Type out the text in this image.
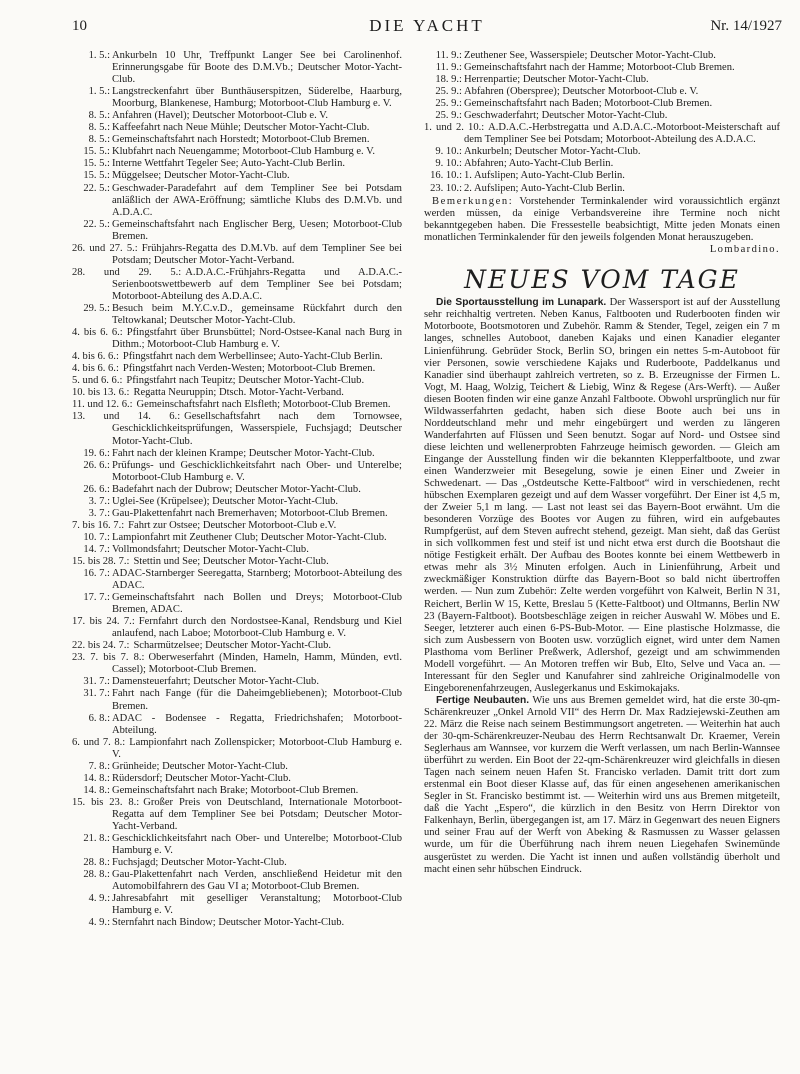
10	DIE YACHT	Nr. 14/1927
1. 5.: Ankurbeln 10 Uhr, Treffpunkt Langer See bei Carolinenhof. Erinnerungsgabe für Boote des D.M.Vb.; Deutscher Motor-Yacht-Club.
1. 5.: Langstreckenfahrt über Bunthäuserspitzen, Süderelbe, Haarburg, Moorburg, Blankenese, Hamburg; Motorboot-Club Hamburg e. V.
8. 5.: Anfahren (Havel); Deutscher Motorboot-Club e. V.
8. 5.: Kaffeefahrt nach Neue Mühle; Deutscher Motor-Yacht-Club.
8. 5.: Gemeinschaftsfahrt nach Horstedt; Motorboot-Club Bremen.
15. 5.: Klubfahrt nach Neuengamme; Motorboot-Club Hamburg e. V.
15. 5.: Interne Wettfahrt Tegeler See; Auto-Yacht-Club Berlin.
15. 5.: Müggelsee; Deutscher Motor-Yacht-Club.
22. 5.: Geschwader-Paradefahrt auf dem Templiner See bei Potsdam anläßlich der AWA-Eröffnung; sämtliche Klubs des D.M.Vb. und A.D.A.C.
22. 5.: Gemeinschaftsfahrt nach Englischer Berg, Uesen; Motorboot-Club Bremen.
26. und 27. 5.: Frühjahrs-Regatta des D.M.Vb. auf dem Templiner See bei Potsdam; Deutscher Motor-Yacht-Verband.
28. und 29. 5.: A.D.A.C.-Frühjahrs-Regatta und A.D.A.C.-Serienbootswettbewerb auf dem Templiner See bei Potsdam; Motorboot-Abteilung des A.D.A.C.
29. 5.: Besuch beim M.Y.C.v.D., gemeinsame Rückfahrt durch den Teltowkanal; Deutscher Motor-Yacht-Club.
4. bis 6. 6.: Pfingstfahrt über Brunsbüttel; Nord-Ostsee-Kanal nach Burg in Dithm.; Motorboot-Club Hamburg e. V.
4. bis 6. 6.: Pfingstfahrt nach dem Werbellinsee; Auto-Yacht-Club Berlin.
4. bis 6. 6.: Pfingstfahrt nach Verden-Westen; Motorboot-Club Bremen.
5. und 6. 6.: Pfingstfahrt nach Teupitz; Deutscher Motor-Yacht-Club.
10. bis 13. 6.: Regatta Neuruppin; Dtsch. Motor-Yacht-Verband.
11. und 12. 6.: Gemeinschaftsfahrt nach Elsfleth; Motorboot-Club Bremen.
13. und 14. 6.: Gesellschaftsfahrt nach dem Tornowsee, Geschicklichkeitsprüfungen, Wasserspiele, Fuchsjagd; Deutscher Motor-Yacht-Club.
19. 6.: Fahrt nach der kleinen Krampe; Deutscher Motor-Yacht-Club.
26. 6.: Prüfungs- und Geschicklichkeitsfahrt nach Ober- und Unterelbe; Motorboot-Club Hamburg e. V.
26. 6.: Badefahrt nach der Dubrow; Deutscher Motor-Yacht-Club.
3. 7.: Uglei-See (Krüpelsee); Deutscher Motor-Yacht-Club.
3. 7.: Gau-Plakettenfahrt nach Bremerhaven; Motorboot-Club Bremen.
7. bis 16. 7.: Fahrt zur Ostsee; Deutscher Motorboot-Club e.V.
10. 7.: Lampionfahrt mit Zeuthener Club; Deutscher Motor-Yacht-Club.
14. 7.: Vollmondsfahrt; Deutscher Motor-Yacht-Club.
15. bis 28. 7.: Stettin und See; Deutscher Motor-Yacht-Club.
16. 7.: ADAC-Starnberger Seeregatta, Starnberg; Motorboot-Abteilung des ADAC.
17. 7.: Gemeinschaftsfahrt nach Bollen und Dreys; Motorboot-Club Bremen, ADAC.
17. bis 24. 7.: Fernfahrt durch den Nordostsee-Kanal, Rendsburg und Kiel anlaufend, nach Laboe; Motorboot-Club Hamburg e. V.
22. bis 24. 7.: Scharmützelsee; Deutscher Motor-Yacht-Club.
23. 7. bis 7. 8.: Oberweserfahrt (Minden, Hameln, Hamm, Münden, evtl. Cassel); Motorboot-Club Bremen.
31. 7.: Damensteuerfahrt; Deutscher Motor-Yacht-Club.
31. 7.: Fahrt nach Fange (für die Daheimgebliebenen); Motorboot-Club Bremen.
6. 8.: ADAC - Bodensee - Regatta, Friedrichshafen; Motorboot-Abteilung.
6. und 7. 8.: Lampionfahrt nach Zollenspicker; Motorboot-Club Hamburg e. V.
7. 8.: Grünheide; Deutscher Motor-Yacht-Club.
14. 8.: Rüdersdorf; Deutscher Motor-Yacht-Club.
14. 8.: Gemeinschaftsfahrt nach Brake; Motorboot-Club Bremen.
15. bis 23. 8.: Großer Preis von Deutschland, Internationale Motorboot-Regatta auf dem Templiner See bei Potsdam; Deutscher Motor-Yacht-Verband.
21. 8.: Geschicklichkeitsfahrt nach Ober- und Unterelbe; Motorboot-Club Hamburg e. V.
28. 8.: Fuchsjagd; Deutscher Motor-Yacht-Club.
28. 8.: Gau-Plakettenfahrt nach Verden, anschließend Heidetur mit den Automobilfahrern des Gau VI a; Motorboot-Club Bremen.
4. 9.: Jahresabfahrt mit geselliger Veranstaltung; Motorboot-Club Hamburg e. V.
4. 9.: Sternfahrt nach Bindow; Deutscher Motor-Yacht-Club.
11. 9.: Zeuthener See, Wasserspiele; Deutscher Motor-Yacht-Club.
11. 9.: Gemeinschaftsfahrt nach der Hamme; Motorboot-Club Bremen.
18. 9.: Herrenpartie; Deutscher Motor-Yacht-Club.
25. 9.: Abfahren (Oberspree); Deutscher Motorboot-Club e. V.
25. 9.: Gemeinschaftsfahrt nach Baden; Motorboot-Club Bremen.
25. 9.: Geschwaderfahrt; Deutscher Motor-Yacht-Club.
1. und 2. 10.: A.D.A.C.-Herbstregatta und A.D.A.C.-Motorboot-Meisterschaft auf dem Templiner See bei Potsdam; Motorboot-Abteilung des A.D.A.C.
9. 10.: Ankurbeln; Deutscher Motor-Yacht-Club.
9. 10.: Abfahren; Auto-Yacht-Club Berlin.
16. 10.: 1. Aufslipen; Auto-Yacht-Club Berlin.
23. 10.: 2. Aufslipen; Auto-Yacht-Club Berlin.

Bemerkungen: Vorstehender Terminkalender wird voraussichtlich ergänzt werden müssen, da einige Verbandsvereine ihre Termine noch nicht bekanntgegeben haben. Die Fressestelle beabsichtigt, Mitte jeden Monats einen monatlichen Terminkalender für den jeweils folgenden Monat herauszugeben.
Lombardino.

NEUES VOM TAGE

Die Sportausstellung im Lunapark. Der Wassersport ist auf der Ausstellung sehr reichhaltig vertreten. Neben Kanus, Faltbooten und Ruderbooten finden wir Motorboote, Bootsmotoren und Zubehör. Ramm & Stender, Tegel, zeigen ein 7 m langes, schnelles Autoboot, daneben Kajaks und einen Kanadier eleganter Linienführung. Gebrüder Stock, Berlin SO, bringen ein nettes 5-m-Autoboot für vier Personen, sowie verschiedene Kajaks und Ruderboote, Paddelkanus und Kanadier sind überhaupt zahlreich vertreten, so z. B. Erzeugnisse der Firmen L. Vogt, M. Haag, Wolzig, Teichert & Liebig, Winz & Regese (Ars-Werft). — Außer diesen Booten finden wir eine ganze Anzahl Faltboote. Obwohl ursprünglich nur für Wildwasserfahrten gedacht, haben sich diese Boote auch bei uns in Norddeutschland mehr und mehr eingebürgert und werden zu längeren Wanderfahrten auf Flüssen und Seen benutzt. Sogar auf Nord- und Ostsee sind diese leichten und wellenerprobten Fahrzeuge heimisch geworden. — Gleich am Eingange der Ausstellung finden wir die bekannten Klepperfaltboote, und zwar einen Wanderzweier mit Besegelung, sowie je einen Einer und Zweier in Schwedenart. — Das „Ostdeutsche Kette-Faltboot“ wird in verschiedenen, recht hübschen Exemplaren gezeigt und auf dem Wasser vorgeführt. Der Einer ist 4,5 m, der Zweier 5,1 m lang. — Last not least sei das Bayern-Boot erwähnt. Um die besonderen Vorzüge des Bootes vor Augen zu führen, wird ein aufgebautes Rumpfgerüst, auf dem Steven aufrecht stehend, gezeigt. Man sieht, daß das Gerüst in sich vollkommen fest und steif ist und nicht etwa erst durch die Bootshaut die nötige Festigkeit erhält. Der Aufbau des Bootes konnte bei einem Wettbewerb in etwas mehr als 3½ Minuten erfolgen. Auch in Linienführung, Arbeit und zweckmäßiger Konstruktion dürfte das Bayern-Boot so bald nicht übertroffen werden. — Nun zum Zubehör: Zelte werden vorgeführt von Kalweit, Berlin N 31, Reichert, Berlin W 15, Kette, Breslau 5 (Kette-Faltboot) und Oltmanns, Berlin NW 23 (Bayern-Faltboot). Bootsbeschläge zeigen in reicher Auswahl W. Möbes und E. Seeger, letzterer auch einen 6-PS-Bub-Motor. — Eine plastische Holzmasse, die sich zum Ausbessern von Booten usw. vorzüglich eignet, wird unter dem Namen Plasthoma vom Berliner Preßwerk, Adlershof, gezeigt und am schwimmenden Modell vorgeführt. — An Motoren treffen wir Bub, Elto, Selve und Vaca an. — Interessant für den Segler und Kanufahrer sind zahlreiche Originalmodelle von Eingeborenenfahrzeugen, Auslegerkanus und Eskimokajaks.

Fertige Neubauten. Wie uns aus Bremen gemeldet wird, hat die erste 30-qm-Schärenkreuzer „Onkel Arnold VII“ des Herrn Dr. Max Radziejewski-Zeuthen am 22. März die Reise nach seinem Bestimmungsort angetreten. — Weiterhin hat auch der 30-qm-Schärenkreuzer-Neubau des Herrn Rechtsanwalt Dr. Kraemer, Verein Seglerhaus am Wannsee, vor kurzem die Werft verlassen, um nach Berlin-Wannsee überführt zu werden. Ein Boot der 22-qm-Schärenkreuzer wird gleichfalls in diesen Tagen nach seinem neuen Hafen St. Francisko verladen. Damit tritt dort zum erstenmal ein Boot dieser Klasse auf, das für einen angesehenen amerikanischen Segler in St. Francisko bestimmt ist. — Weiterhin wird uns aus Bremen mitgeteilt, daß die Yacht „Espero“, die kürzlich in den Besitz von Herrn Direktor von Falkenhayn, Berlin, übergegangen ist, am 17. März in Gegenwart des neuen Eigners und seiner Frau auf der Werft von Abeking & Rasmussen zu Wasser gelassen wurde, um für die Überführung nach ihrem neuen Liegehafen Swinemünde ausgerüstet zu werden. Die Yacht ist innen und außen vollständig überholt und macht einen sehr hübschen Eindruck.
